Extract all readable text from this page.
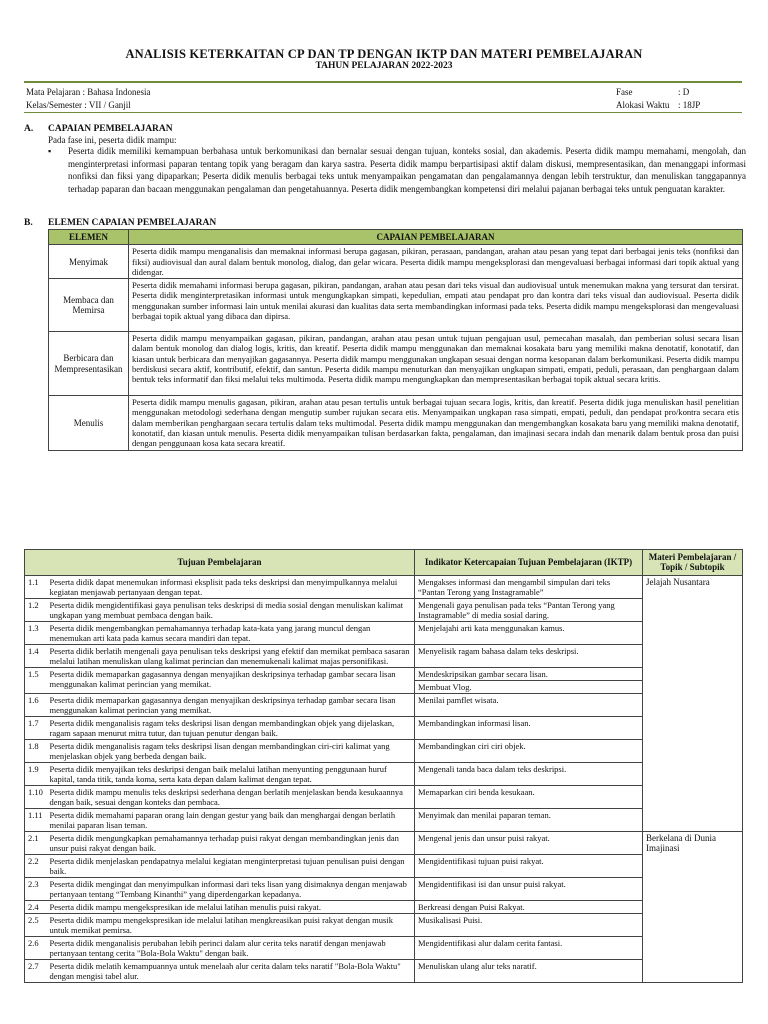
ANALISIS KETERKAITAN CP DAN TP DENGAN IKTP DAN MATERI PEMBELAJARAN
TAHUN PELAJARAN 2022-2023
Mata Pelajaran : Bahasa Indonesia	Fase	: D
Kelas/Semester : VII / Ganjil	Alokasi Waktu : 18JP
A. CAPAIAN PEMBELAJARAN
Pada fase ini, peserta didik mampu:
▪	Peserta didik memiliki kemampuan berbahasa untuk berkomunikasi dan bernalar sesuai dengan tujuan, konteks sosial, dan akademis. Peserta didik mampu memahami, mengolah, dan menginterpretasi informasi paparan tentang topik yang beragam dan karya sastra. Peserta didik mampu berpartisipasi aktif dalam diskusi, mempresentasikan, dan menanggapi informasi nonfiksi dan fiksi yang dipaparkan; Peserta didik menulis berbagai teks untuk menyampaikan pengamatan dan pengalamannya dengan lebih terstruktur, dan menuliskan tanggapannya terhadap paparan dan bacaan menggunakan pengalaman dan pengetahuannya. Peserta didik mengembangkan kompetensi diri melalui pajanan berbagai teks untuk penguatan karakter.
B. ELEMEN CAPAIAN PEMBELAJARAN
ELEMEN	CAPAIAN PEMBELAJARAN
Menyimak	Peserta didik mampu menganalisis dan memaknai informasi berupa gagasan, pikiran, perasaan, pandangan, arahan atau pesan yang tepat dari berbagai jenis teks (nonfiksi dan fiksi) audiovisual dan aural dalam bentuk monolog, dialog, dan gelar wicara. Peserta didik mampu mengeksplorasi dan mengevaluasi berbagai informasi dari topik aktual yang didengar.
Membaca dan Memirsa	Peserta didik memahami informasi berupa gagasan, pikiran, pandangan, arahan atau pesan dari teks visual dan audiovisual untuk menemukan makna yang tersurat dan tersirat. Peserta didik menginterpretasikan informasi untuk mengungkapkan simpati, kepedulian, empati atau pendapat pro dan kontra dari teks visual dan audiovisual. Peserta didik menggunakan sumber informasi lain untuk menilai akurasi dan kualitas data serta membandingkan informasi pada teks. Peserta didik mampu mengeksplorasi dan mengevaluasi berbagai topik aktual yang dibaca dan dipirsa.
Berbicara dan Mempresentasikan	Peserta didik mampu menyampaikan gagasan, pikiran, pandangan, arahan atau pesan untuk tujuan pengajuan usul, pemecahan masalah, dan pemberian solusi secara lisan dalam bentuk monolog dan dialog logis, kritis, dan kreatif. Peserta didik mampu menggunakan dan memaknai kosakata baru yang memiliki makna denotatif, konotatif, dan kiasan untuk berbicara dan menyajikan gagasannya. Peserta didik mampu menggunakan ungkapan sesuai dengan norma kesopanan dalam berkomunikasi. Peserta didik mampu berdiskusi secara aktif, kontributif, efektif, dan santun. Peserta didik mampu menuturkan dan menyajikan ungkapan simpati, empati, peduli, perasaan, dan penghargaan dalam bentuk teks informatif dan fiksi melalui teks multimoda. Peserta didik mampu mengungkapkan dan mempresentasikan berbagai topik aktual secara kritis.
Menulis	Peserta didik mampu menulis gagasan, pikiran, arahan atau pesan tertulis untuk berbagai tujuan secara logis, kritis, dan kreatif. Peserta didik juga menuliskan hasil penelitian menggunakan metodologi sederhana dengan mengutip sumber rujukan secara etis. Menyampaikan ungkapan rasa simpati, empati, peduli, dan pendapat pro/kontra secara etis dalam memberikan penghargaan secara tertulis dalam teks multimodal. Peserta didik mampu menggunakan dan mengembangkan kosakata baru yang memiliki makna denotatif, konotatif, dan kiasan untuk menulis. Peserta didik menyampaikan tulisan berdasarkan fakta, pengalaman, dan imajinasi secara indah dan menarik dalam bentuk prosa dan puisi dengan penggunaan kosa kata secara kreatif.
Tujuan Pembelajaran		Indikator Ketercapaian Tujuan Pembelajaran (IKTP)	Materi Pembelajaran / Topik / Subtopik
1.1	Peserta didik dapat menemukan informasi eksplisit pada teks deskripsi dan menyimpulkannya melalui kegiatan menjawab pertanyaan dengan tepat.	Mengakses informasi dan mengambil simpulan dari teks “Pantan Terong yang Instagramable”	Jelajah Nusantara
1.2	Peserta didik mengidentifikasi gaya penulisan teks deskripsi di media sosial dengan menuliskan kalimat ungkapan yang membuat pembaca dengan baik.	Mengenali gaya penulisan pada teks “Pantan Terong yang Instagramable” di media sosial daring.	

1.3	Peserta didik mengembangkan pemahamannya terhadap kata-kata yang jarang muncul dengan menemukan arti kata pada kamus secara mandiri dan tepat.	Menjelajahi arti kata menggunakan kamus.	

1.4	Peserta didik berlatih mengenali gaya penulisan teks deskripsi yang efektif dan memikat pembaca sasaran melalui latihan menuliskan ulang kalimat perincian dan menemukenali kalimat majas personifikasi.	Menyelisik ragam bahasa dalam teks deskripsi.	

1.5	Peserta didik memaparkan gagasannya dengan menyajikan deskripsinya terhadap gambar secara lisan menggunakan kalimat perincian yang memikat.	Mendeskripsikan gambar secara lisan.
Membuat Vlog.	

1.6	Peserta didik memaparkan gagasannya dengan menyajikan deskripsinya terhadap gambar secara lisan menggunakan kalimat perincian yang memikat.	Menilai pamflet wisata.	

1.7	Peserta didik menganalisis ragam teks deskripsi lisan dengan membandingkan objek yang dijelaskan, ragam sapaan menurut mitra tutur, dan tujuan penutur dengan baik.	Membandingkan informasi lisan.	

1.8	Peserta didik menganalisis ragam teks deskripsi lisan dengan membandingkan ciri-ciri kalimat yang menjelaskan objek yang berbeda dengan baik.	Membandingkan ciri ciri objek.	

1.9	Peserta didik menyajikan teks deskripsi dengan baik melalui latihan menyunting penggunaan huruf kapital, tanda titik, tanda koma, serta kata depan dalam kalimat dengan tepat.	Mengenali tanda baca dalam teks deskripsi.	

1.10	Peserta didik mampu menulis teks deskripsi sederhana dengan berlatih menjelaskan benda kesukaannya dengan baik, sesuai dengan konteks dan pembaca.	Memaparkan ciri benda kesukaan.	

1.11	Peserta didik memahami paparan orang lain dengan gestur yang baik dan menghargai dengan berlatih menilai paparan lisan teman.	Menyimak dan menilai paparan teman.	

2.1	Peserta didik mengungkapkan pemahamannya terhadap puisi rakyat dengan membandingkan jenis dan unsur puisi rakyat dengan baik.	Mengenal jenis dan unsur puisi rakyat.	Berkelana di Dunia Imajinasi
2.2	Peserta didik menjelaskan pendapatnya melalui kegiatan menginterpretasi tujuan penulisan puisi dengan baik.	Mengidentifikasi tujuan puisi rakyat.	

2.3	Peserta didik mengingat dan menyimpulkan informasi dari teks lisan yang disimaknya dengan menjawab pertanyaan tentang “Tembang Kinanthi” yang diperdengarkan kepadanya.	Mengidentifikasi isi dan unsur puisi rakyat.	

2.4	Peserta didik mampu mengekspresikan ide melalui latihan menulis puisi rakyat.	Berkreasi dengan Puisi Rakyat.	

2.5	Peserta didik mampu mengekspresikan ide melalui latihan mengkreasikan puisi rakyat dengan musik untuk memikat pemirsa.	Musikalisasi Puisi.	

2.6	Peserta didik menganalisis perubahan lebih perinci dalam alur cerita teks naratif dengan menjawab pertanyaan tentang cerita "Bola-Bola Waktu" dengan baik.	Mengidentifikasi alur dalam cerita fantasi.	

2.7	Peserta didik melatih kemampuannya untuk menelaah alur cerita dalam teks naratif "Bola-Bola Waktu" dengan mengisi tabel alur.	Menuliskan ulang alur teks naratif.	
